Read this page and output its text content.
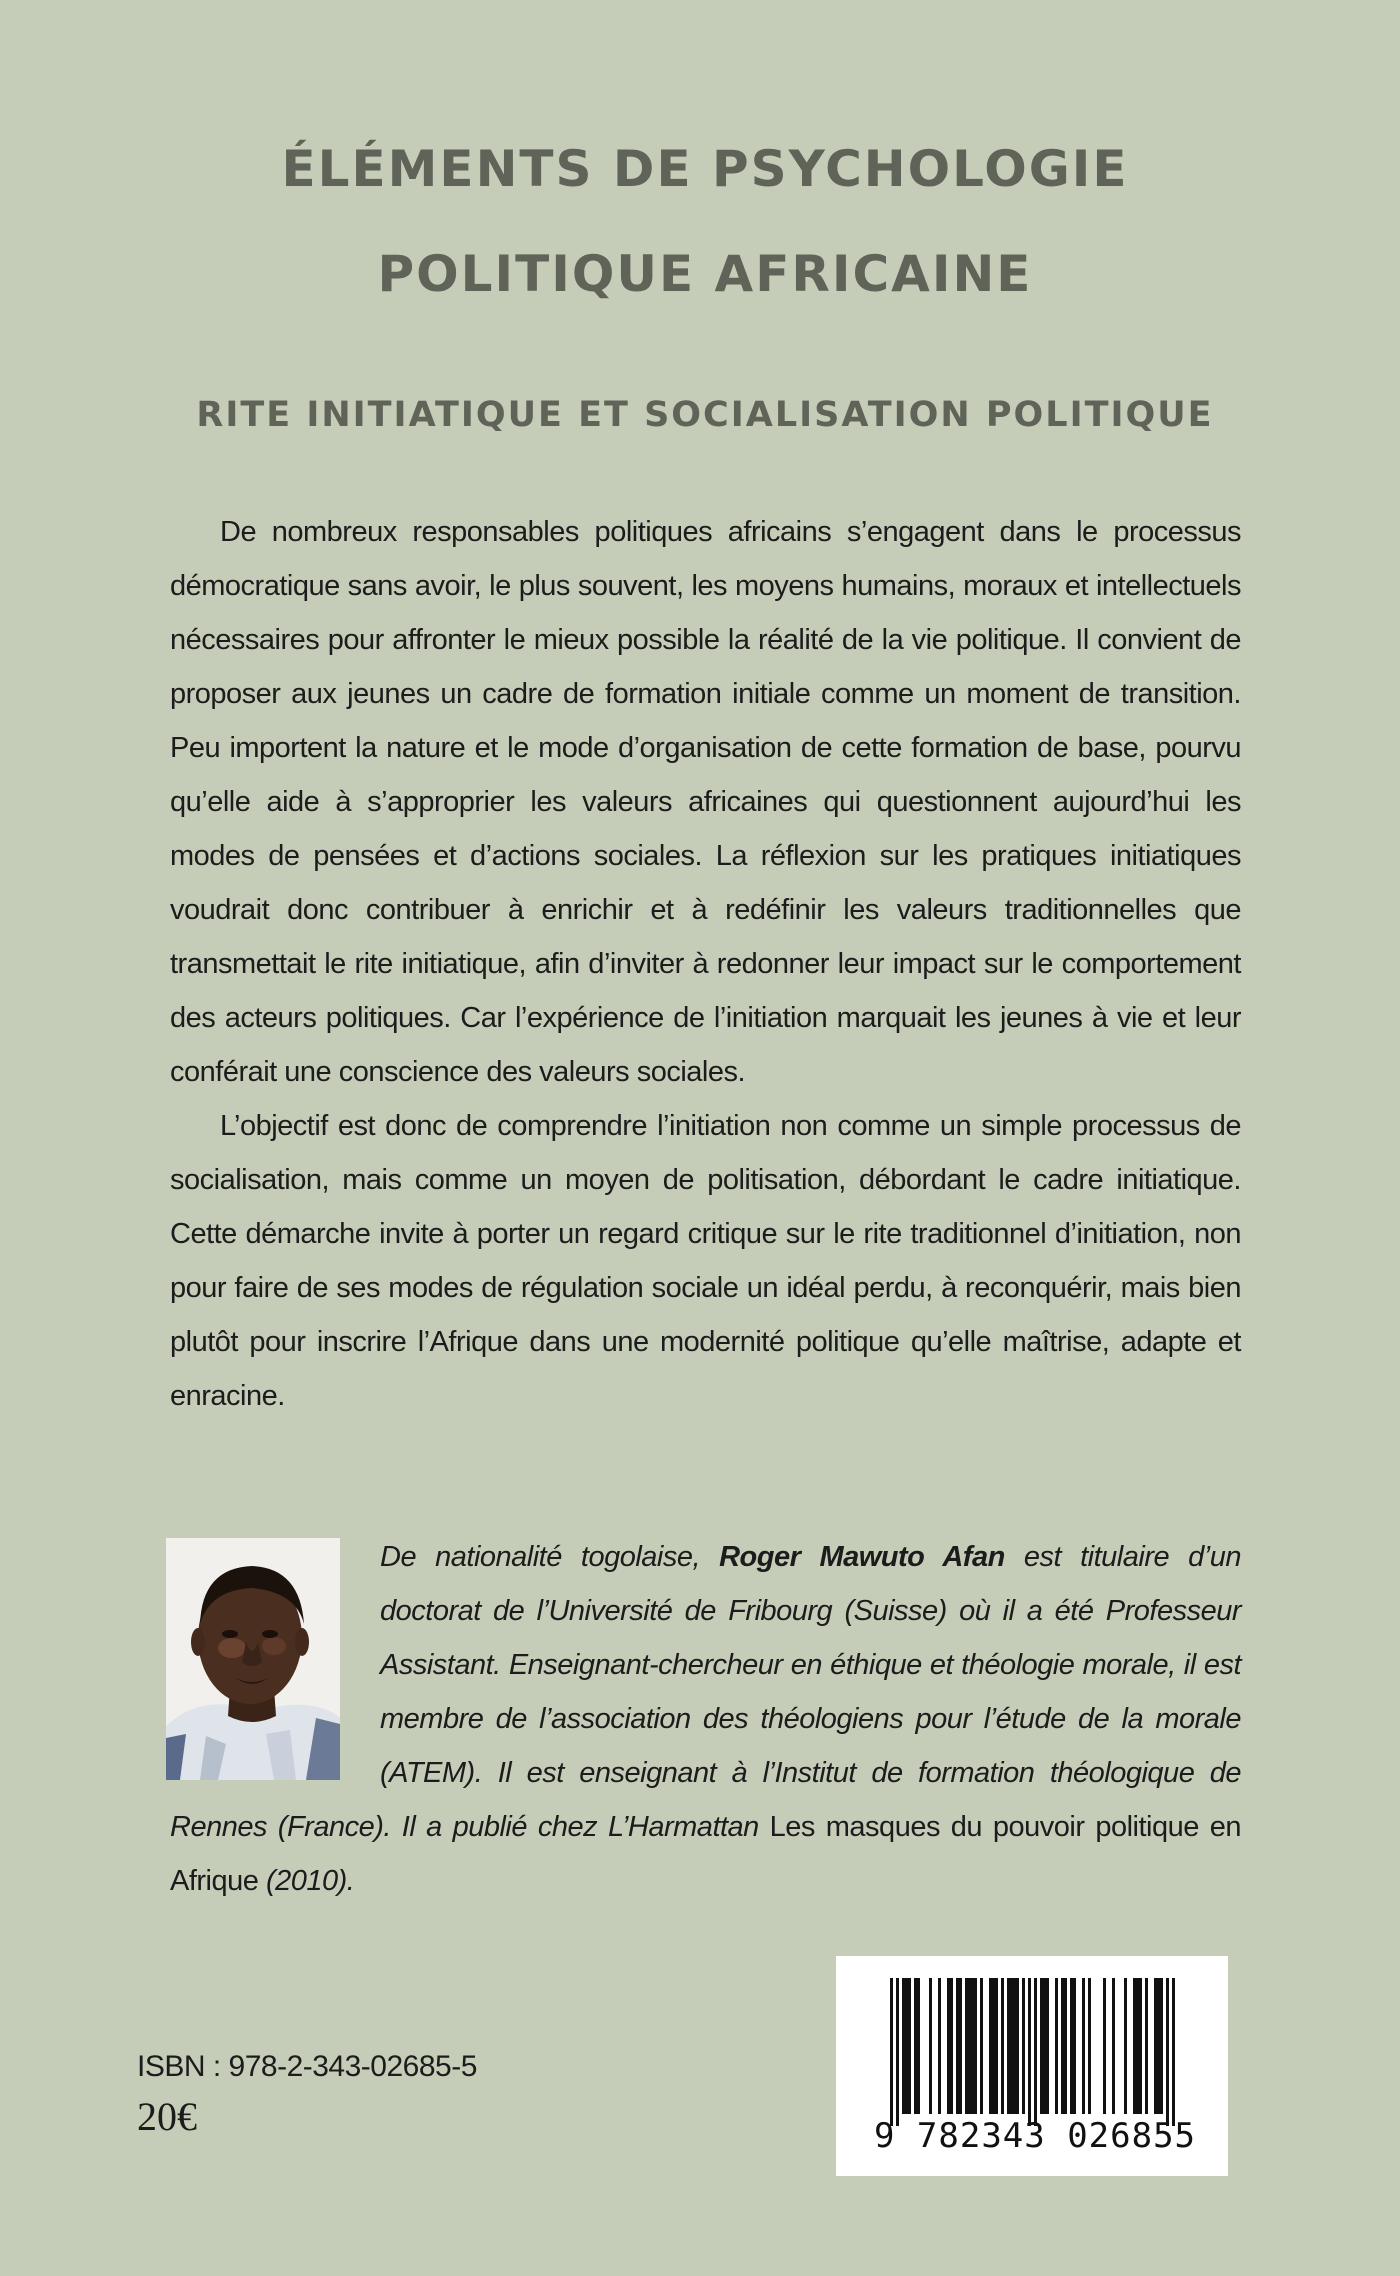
ÉLÉMENTS DE PSYCHOLOGIE
POLITIQUE AFRICAINE
RITE INITIATIQUE ET SOCIALISATION POLITIQUE

De nombreux responsables politiques africains s’engagent dans le processus démocratique sans avoir, le plus souvent, les moyens humains, moraux et intellectuels nécessaires pour affronter le mieux possible la réalité de la vie politique. Il convient de proposer aux jeunes un cadre de formation initiale comme un moment de transition. Peu importent la nature et le mode d’organisation de cette formation de base, pourvu qu’elle aide à s’approprier les valeurs africaines qui questionnent aujourd’hui les modes de pensées et d’actions sociales. La réflexion sur les pratiques initiatiques voudrait donc contribuer à enrichir et à redéfinir les valeurs traditionnelles que transmettait le rite initiatique, afin d’inviter à redonner leur impact sur le comportement des acteurs politiques. Car l’expérience de l’initiation marquait les jeunes à vie et leur conférait une conscience des valeurs sociales.

L’objectif est donc de comprendre l’initiation non comme un simple processus de socialisation, mais comme un moyen de politisation, débordant le cadre initiatique. Cette démarche invite à porter un regard critique sur le rite traditionnel d’initiation, non pour faire de ses modes de régulation sociale un idéal perdu, à reconquérir, mais bien plutôt pour inscrire l’Afrique dans une modernité politique qu’elle maîtrise, adapte et enracine.

De nationalité togolaise, Roger Mawuto Afan est titulaire d’un doctorat de l’Université de Fribourg (Suisse) où il a été Professeur Assistant. Enseignant-chercheur en éthique et théologie morale, il est membre de l’association des théologiens pour l’étude de la morale (ATEM). Il est enseignant à l’Institut de formation théologique de Rennes (France). Il a publié chez L’Harmattan Les masques du pouvoir politique en Afrique (2010).

ISBN : 978-2-343-02685-5
20€	9 782343 026855
